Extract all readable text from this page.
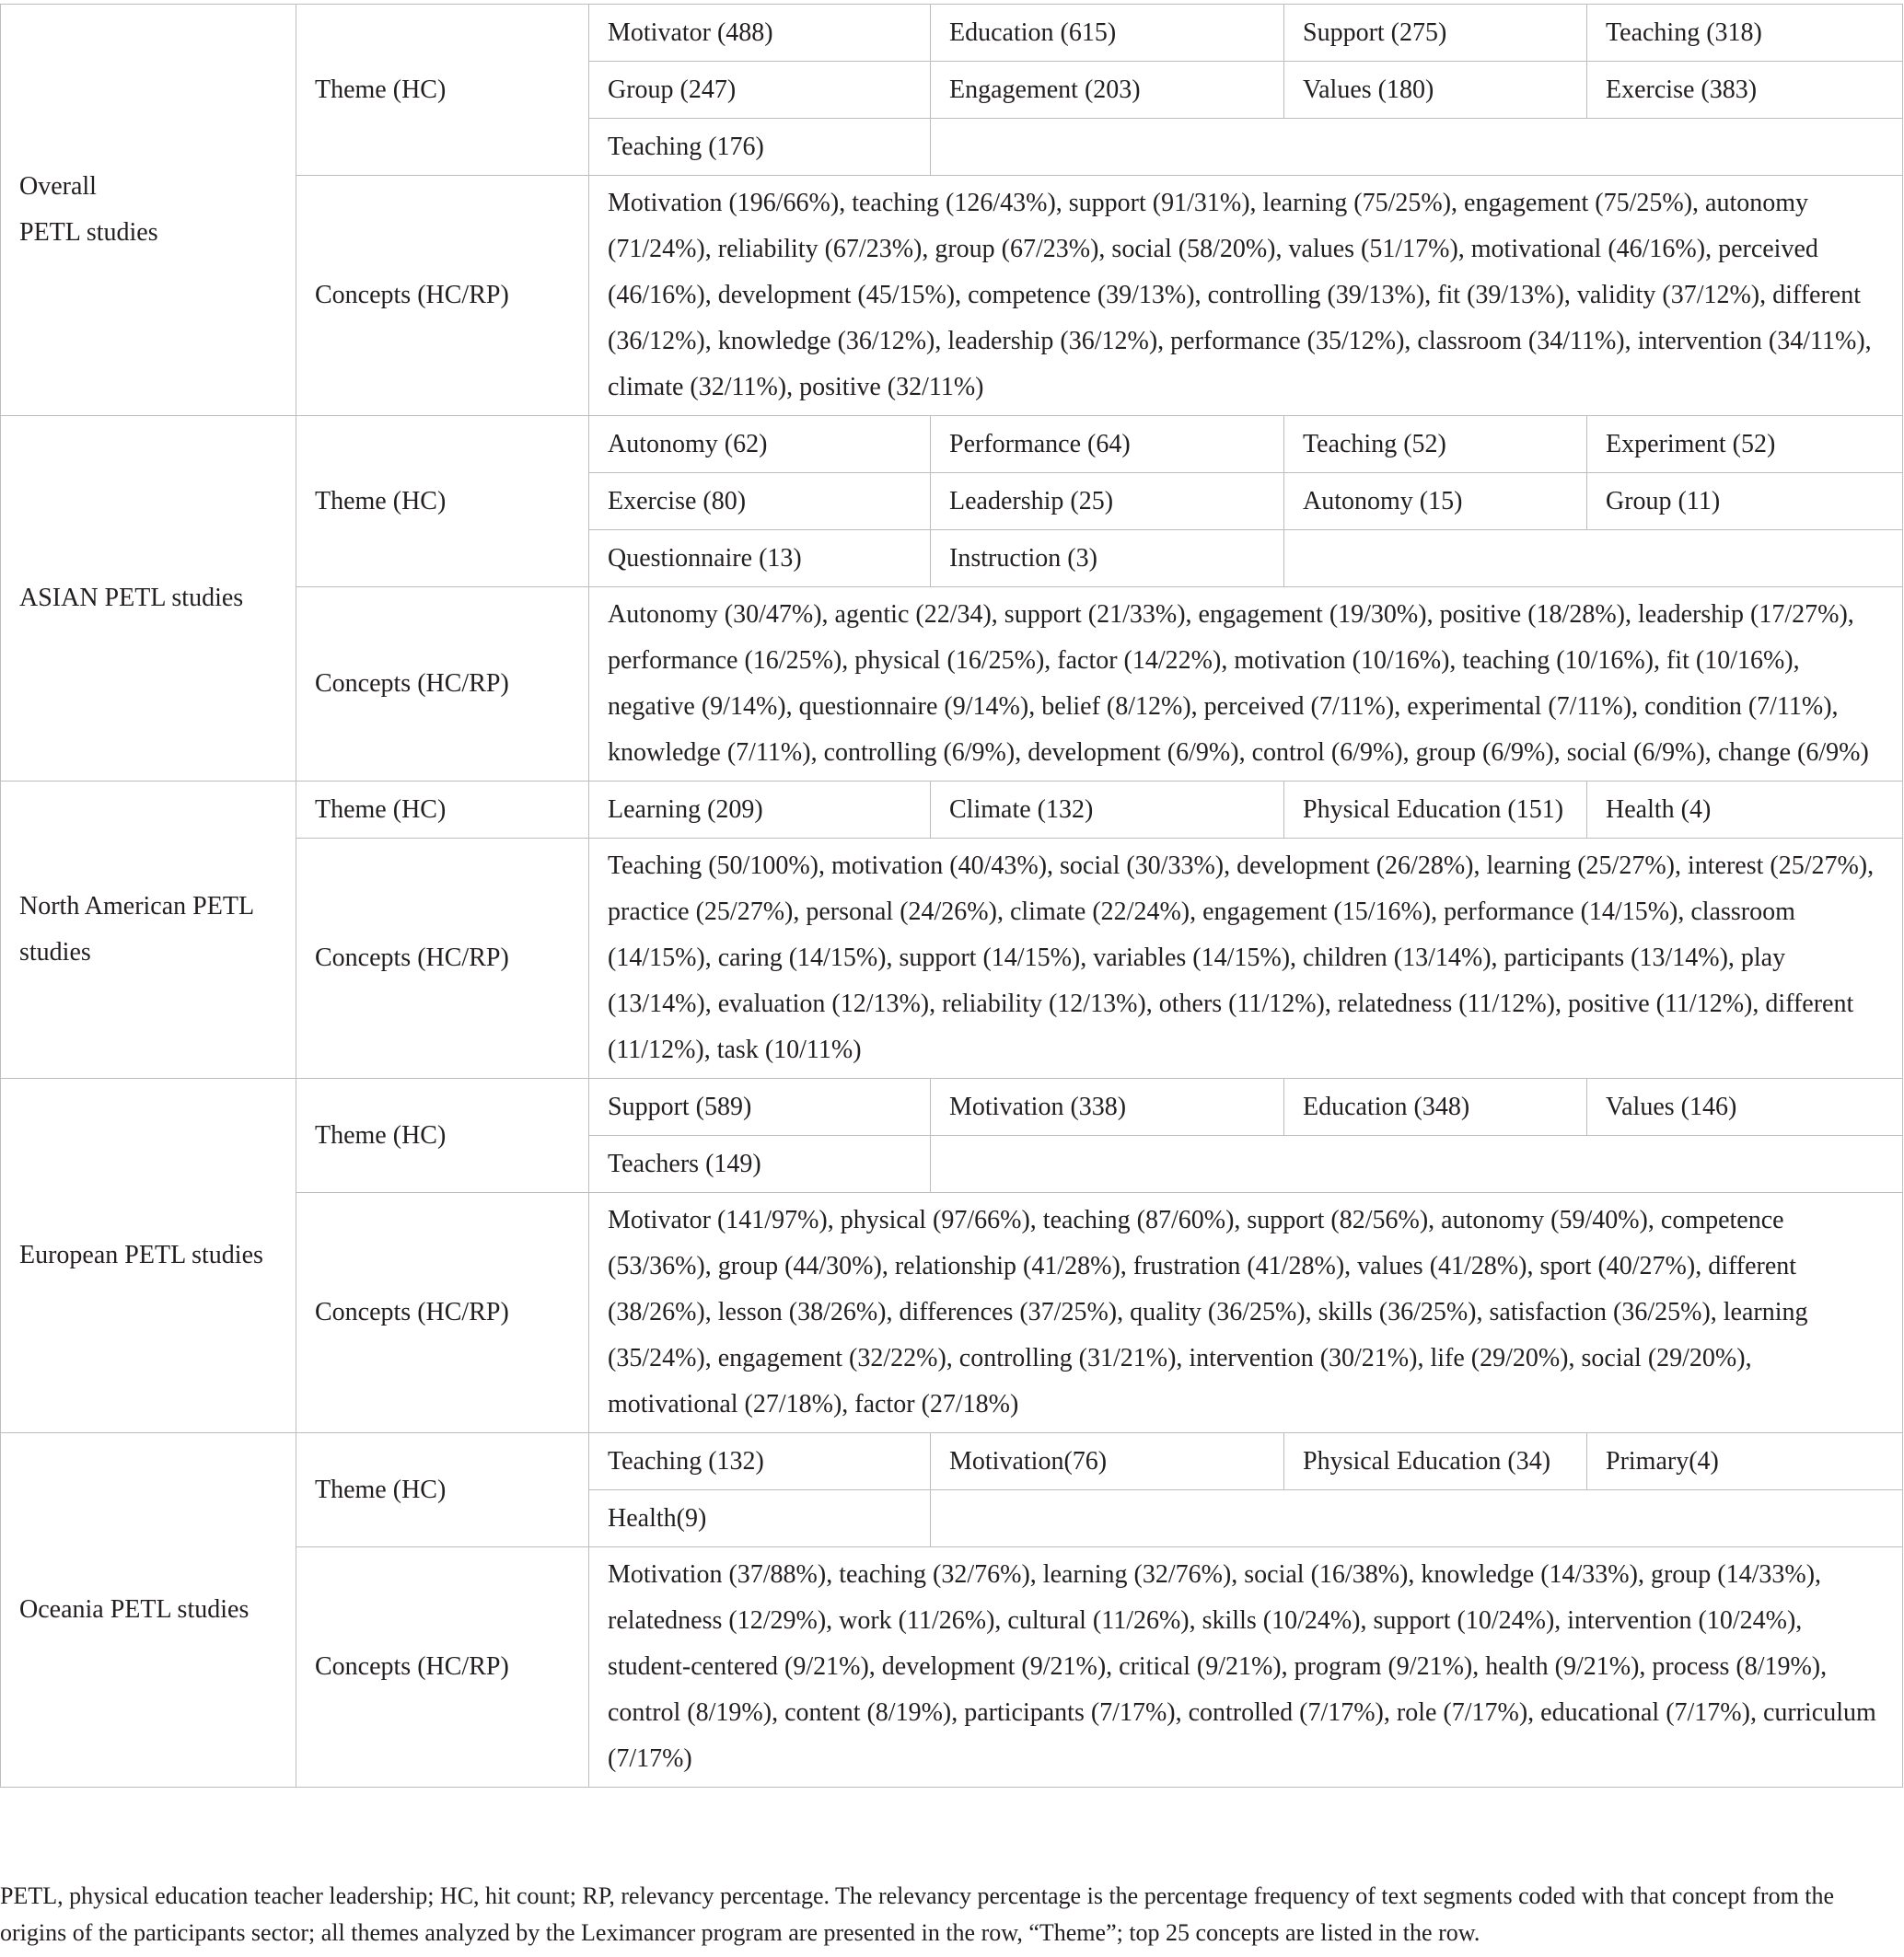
Overall
PETL studies	Theme (HC)	Motivator (488)	Education (615)	Support (275)	Teaching (318)
		Group (247)	Engagement (203)	Values (180)	Exercise (383)
		Teaching (176)			
	Concepts (HC/RP)	Motivation (196/66%), teaching (126/43%), support (91/31%), learning (75/25%), engagement (75/25%), autonomy (71/24%), reliability (67/23%), group (67/23%), social (58/20%), values (51/17%), motivational (46/16%), perceived (46/16%), development (45/15%), competence (39/13%), controlling (39/13%), fit (39/13%), validity (37/12%), different (36/12%), knowledge (36/12%), leadership (36/12%), performance (35/12%), classroom (34/11%), intervention (34/11%), climate (32/11%), positive (32/11%)			
ASIAN PETL studies	Theme (HC)	Autonomy (62)	Performance (64)	Teaching (52)	Experiment (52)
		Exercise (80)	Leadership (25)	Autonomy (15)	Group (11)
		Questionnaire (13)	Instruction (3)		
	Concepts (HC/RP)	Autonomy (30/47%), agentic (22/34), support (21/33%), engagement (19/30%), positive (18/28%), leadership (17/27%), performance (16/25%), physical (16/25%), factor (14/22%), motivation (10/16%), teaching (10/16%), fit (10/16%), negative (9/14%), questionnaire (9/14%), belief (8/12%), perceived (7/11%), experimental (7/11%), condition (7/11%), knowledge (7/11%), controlling (6/9%), development (6/9%), control (6/9%), group (6/9%), social (6/9%), change (6/9%)			
North American PETL
studies	Theme (HC)	Learning (209)	Climate (132)	Physical Education (151)	Health (4)
	Concepts (HC/RP)	Teaching (50/100%), motivation (40/43%), social (30/33%), development (26/28%), learning (25/27%), interest (25/27%), practice (25/27%), personal (24/26%), climate (22/24%), engagement (15/16%), performance (14/15%), classroom (14/15%), caring (14/15%), support (14/15%), variables (14/15%), children (13/14%), participants (13/14%), play (13/14%), evaluation (12/13%), reliability (12/13%), others (11/12%), relatedness (11/12%), positive (11/12%), different (11/12%), task (10/11%)			
European PETL studies	Theme (HC)	Support (589)	Motivation (338)	Education (348)	Values (146)
		Teachers (149)			
	Concepts (HC/RP)	Motivator (141/97%), physical (97/66%), teaching (87/60%), support (82/56%), autonomy (59/40%), competence (53/36%), group (44/30%), relationship (41/28%), frustration (41/28%), values (41/28%), sport (40/27%), different (38/26%), lesson (38/26%), differences (37/25%), quality (36/25%), skills (36/25%), satisfaction (36/25%), learning (35/24%), engagement (32/22%), controlling (31/21%), intervention (30/21%), life (29/20%), social (29/20%), motivational (27/18%), factor (27/18%)			
Oceania PETL studies	Theme (HC)	Teaching (132)	Motivation(76)	Physical Education (34)	Primary(4)
		Health(9)			
	Concepts (HC/RP)	Motivation (37/88%), teaching (32/76%), learning (32/76%), social (16/38%), knowledge (14/33%), group (14/33%), relatedness (12/29%), work (11/26%), cultural (11/26%), skills (10/24%), support (10/24%), intervention (10/24%), student-centered (9/21%), development (9/21%), critical (9/21%), program (9/21%), health (9/21%), process (8/19%), control (8/19%), content (8/19%), participants (7/17%), controlled (7/17%), role (7/17%), educational (7/17%), curriculum (7/17%)			

PETL, physical education teacher leadership; HC, hit count; RP, relevancy percentage. The relevancy percentage is the percentage frequency of text segments coded with that concept from the origins of the participants sector; all themes analyzed by the Leximancer program are presented in the row, “Theme”; top 25 concepts are listed in the row.
